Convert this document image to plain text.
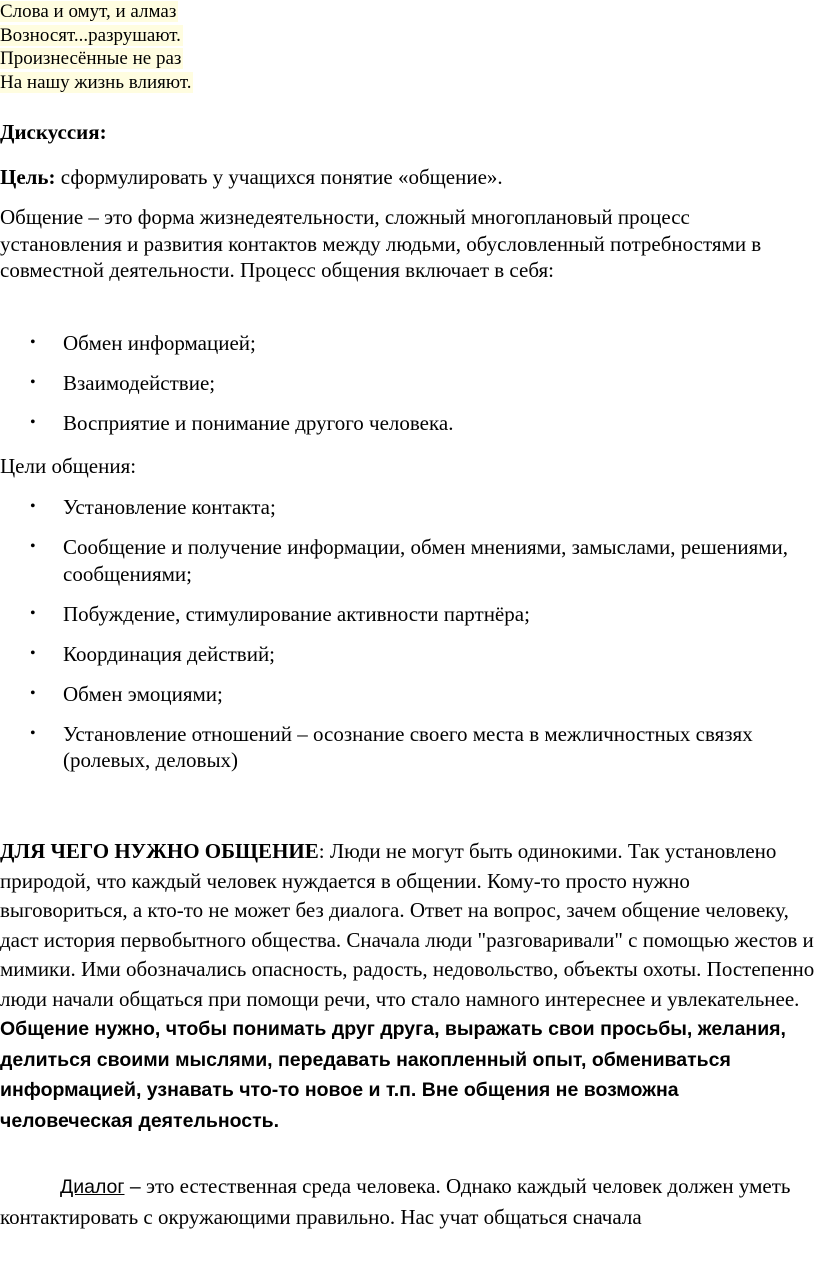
Слова и омут, и алмаз
Возносят...разрушают.
Произнесённые не раз
На нашу жизнь влияют.

Дискуссия:

Цель: сформулировать у учащихся понятие «общение».

Общение – это форма жизнедеятельности, сложный многоплановый процесс установления и развития контактов между людьми, обусловленный потребностями в совместной деятельности. Процесс общения включает в себя:

• Обмен информацией;
• Взаимодействие;
• Восприятие и понимание другого человека.

Цели общения:

• Установление контакта;
• Сообщение и получение информации, обмен мнениями, замыслами, решениями, сообщениями;
• Побуждение, стимулирование активности партнёра;
• Координация действий;
• Обмен эмоциями;
• Установление отношений – осознание своего места в межличностных связях (ролевых, деловых)
ДЛЯ ЧЕГО НУЖНО ОБЩЕНИЕ: Люди не могут быть одинокими. Так установлено природой, что каждый человек нуждается в общении. Кому-то просто нужно выговориться, а кто-то не может без диалога. Ответ на вопрос, зачем общение человеку, даст история первобытного общества. Сначала люди "разговаривали" с помощью жестов и мимики. Ими обозначались опасность, радость, недовольство, объекты охоты. Постепенно люди начали общаться при помощи речи, что стало намного интереснее и увлекательнее. Общение нужно, чтобы понимать друг друга, выражать свои просьбы, желания, делиться своими мыслями, передавать накопленный опыт, обмениваться информацией, узнавать что-то новое и т.п. Вне общения не возможна человеческая деятельность.
Диалог – это естественная среда человека. Однако каждый человек должен уметь контактировать с окружающими правильно. Нас учат общаться сначала
